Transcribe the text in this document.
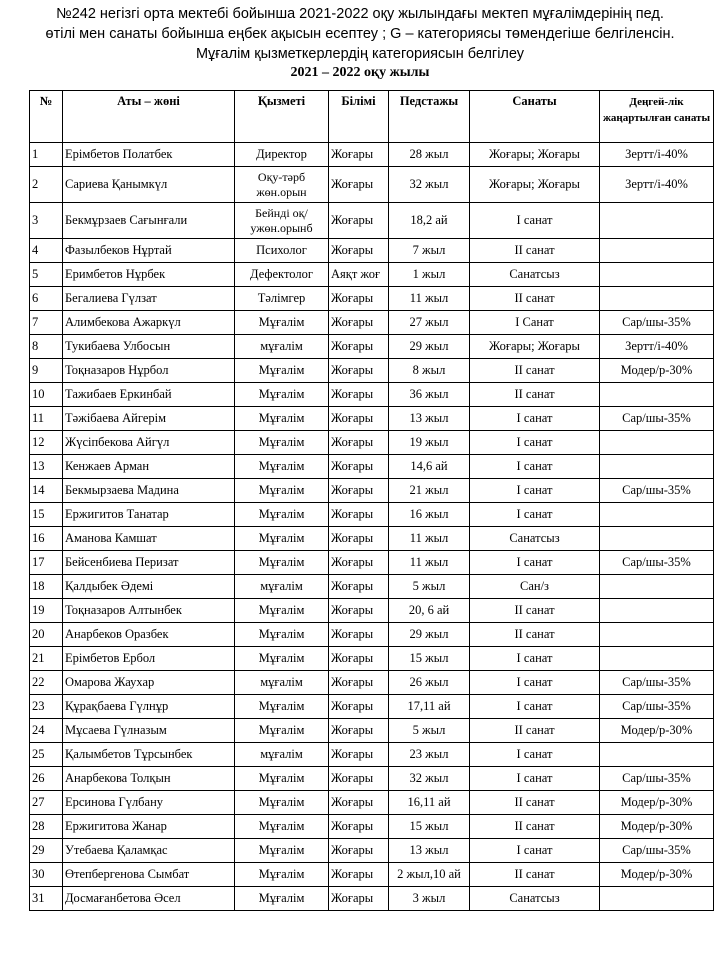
№242 негізгі орта мектебі бойынша 2021-2022 оқу жылындағы мектеп мұғалімдерінің пед.
өтілі мен санаты бойынша еңбек ақысын есептеу ; G – категориясы төмендегіше белгіленсін.
Мұғалім қызметкерлердің категориясын белгілеу
2021 – 2022 оқу жылы
№	Аты – жөні	Қызметі	Білімі	Педстажы	Санаты	Деңгей-лік жаңартылған санаты
1	Ерімбетов Полатбек	Директор	Жоғары	28 жыл	Жоғары; Жоғары	Зертт/і-40%
2	Сариева Қанымкүл	Оқу-тәрб жөн.орын	Жоғары	32 жыл	Жоғары; Жоғары	Зертт/і-40%
3	Бекмұрзаев Сағынғали	Бейнді оқ/ужөн.орынб	Жоғары	18,2 ай	I санат	
4	Фазылбеков Нұртай	Психолог	Жоғары	7 жыл	II санат	
5	Еримбетов Нұрбек	Дефектолог	Аяқт жоғ	1 жыл	Санатсыз	
6	Бегалиева Гүлзат	Тәлімгер	Жоғары	11 жыл	II санат	
7	Алимбекова Ажаркүл	Мұғалім	Жоғары	27 жыл	I Санат	Сар/шы-35%
8	Тукибаева Улбосын	мұғалім	Жоғары	29 жыл	Жоғары; Жоғары	Зертт/і-40%
9	Тоқназаров Нұрбол	Мұғалім	Жоғары	8 жыл	II санат	Модер/р-30%
10	Тажибаев Еркинбай	Мұғалім	Жоғары	36 жыл	II санат	
11	Тәжібаева Айгерім	Мұғалім	Жоғары	13 жыл	I санат	Сар/шы-35%
12	Жүсіпбекова Айгүл	Мұғалім	Жоғары	19 жыл	I санат	
13	Кенжаев Арман	Мұғалім	Жоғары	14,6 ай	I санат	
14	Бекмырзаева Мадина	Мұғалім	Жоғары	21 жыл	I санат	Сар/шы-35%
15	Ержигитов Танатар	Мұғалім	Жоғары	16 жыл	I санат	
16	Аманова Камшат	Мұғалім	Жоғары	11 жыл	Санатсыз	
17	Бейсенбиева Перизат	Мұғалім	Жоғары	11 жыл	I санат	Сар/шы-35%
18	Қалдыбек Әдемі	мұғалім	Жоғары	5 жыл	Сан/з	
19	Тоқназаров Алтынбек	Мұғалім	Жоғары	20, 6 ай	II санат	
20	Анарбеков Оразбек	Мұғалім	Жоғары	29 жыл	II санат	
21	Ерімбетов Ербол	Мұғалім	Жоғары	15 жыл	I санат	
22	Омарова Жаухар	мұғалім	Жоғары	26 жыл	I санат	Сар/шы-35%
23	Құрақбаева Гүлнұр	Мұғалім	Жоғары	17,11 ай	I санат	Сар/шы-35%
24	Мұсаева Гүлназым	Мұғалім	Жоғары	5 жыл	II санат	Модер/р-30%
25	Қалымбетов Тұрсынбек	мұғалім	Жоғары	23 жыл	I санат	
26	Анарбекова Толқын	Мұғалім	Жоғары	32 жыл	I санат	Сар/шы-35%
27	Ерсинова Гүлбану	Мұғалім	Жоғары	16,11 ай	II санат	Модер/р-30%
28	Ержигитова Жанар	Мұғалім	Жоғары	15 жыл	II санат	Модер/р-30%
29	Утебаева Қаламқас	Мұғалім	Жоғары	13 жыл	I санат	Сар/шы-35%
30	Өтепбергенова Сымбат	Мұғалім	Жоғары	2 жыл,10 ай	II санат	Модер/р-30%
31	Досмағанбетова Әсел	Мұғалім	Жоғары	3 жыл	Санатсыз	
